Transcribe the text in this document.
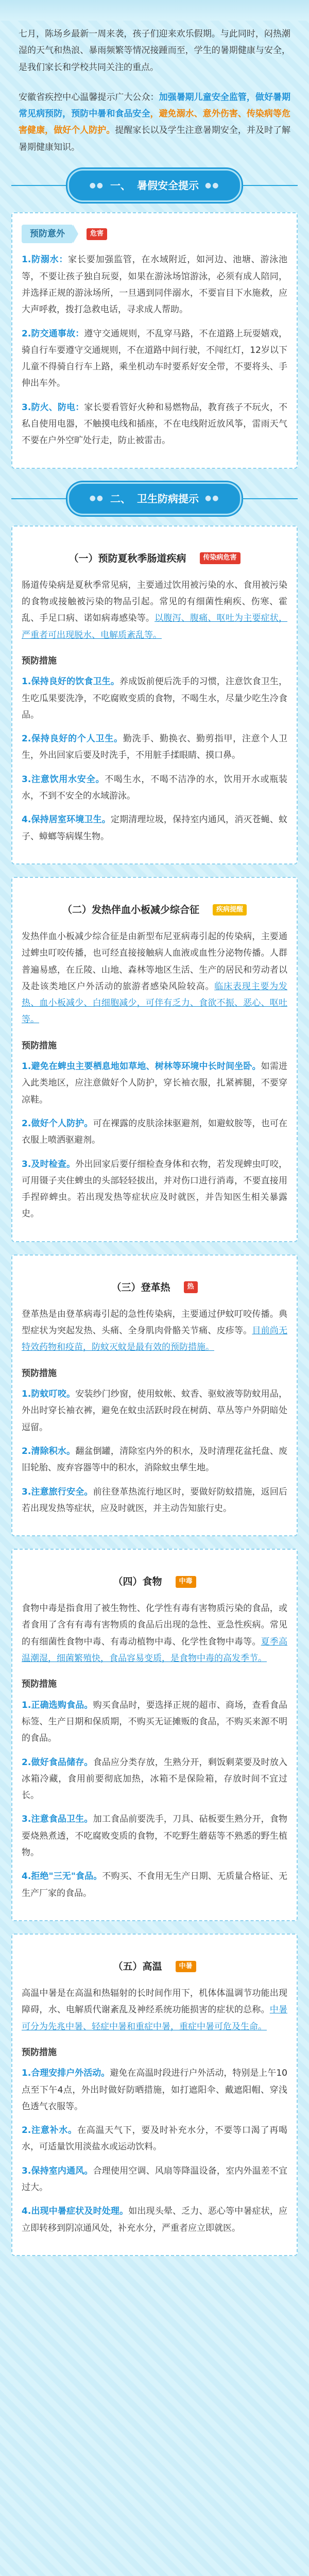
七月，陈场乡最新一周来袭，孩子们迎来欢乐假期。与此同时，闷热潮湿的天气和热浪、暴雨频繁等情况接踵而至，学生的暑期健康与安全，是我们家长和学校共同关注的重点。

安徽省疾控中心温馨提示广大公众：加强暑期儿童安全监管，做好暑期常见病预防，预防中暑和食品安全，避免溺水、意外伤害、传染病等危害健康，做好个人防护。提醒家长以及学生注意暑期安全，并及时了解暑期健康知识。

●● 一、 暑假安全提示 ●●
预防意外	危害

1.防溺水：家长要加强监管，在水域附近，如河边、池塘、游泳池等，不要让孩子独自玩耍，如果在游泳场馆游泳，必须有成人陪同，并选择正规的游泳场所，一旦遇到同伴溺水，不要盲目下水施救，应大声呼救，拨打急救电话，寻求成人帮助。

2.防交通事故：遵守交通规则，不乱穿马路，不在道路上玩耍嬉戏，骑自行车要遵守交通规则，不在道路中间行驶，不闯红灯，12岁以下儿童不得骑自行车上路，乘坐机动车时要系好安全带，不要将头、手伸出车外。

3.防火、防电：家长要看管好火种和易燃物品，教育孩子不玩火，不私自使用电器，不触摸电线和插座，不在电线附近放风筝，雷雨天气不要在户外空旷处行走，防止被雷击。

●● 二、 卫生防病提示 ●●
（一）预防夏秋季肠道疾病	传染病危害

肠道传染病是夏秋季常见病，主要通过饮用被污染的水、食用被污染的食物或接触被污染的物品引起。常见的有细菌性痢疾、伤寒、霍乱、手足口病、诺如病毒感染等。以腹泻、腹痛、呕吐为主要症状，严重者可出现脱水、电解质紊乱等。

预防措施

1.保持良好的饮食卫生。养成饭前便后洗手的习惯，注意饮食卫生，生吃瓜果要洗净，不吃腐败变质的食物，不喝生水，尽量少吃生冷食品。

2.保持良好的个人卫生。勤洗手、勤换衣、勤剪指甲，注意个人卫生，外出回家后要及时洗手，不用脏手揉眼睛、摸口鼻。

3.注意饮用水安全。不喝生水，不喝不洁净的水，饮用开水或瓶装水，不到不安全的水域游泳。

4.保持居室环境卫生。定期清理垃圾，保持室内通风，消灭苍蝇、蚊子、蟑螂等病媒生物。

（二）发热伴血小板减少综合征	疾病提醒

发热伴血小板减少综合征是由新型布尼亚病毒引起的传染病，主要通过蜱虫叮咬传播，也可经直接接触病人血液或血性分泌物传播。人群普遍易感，在丘陵、山地、森林等地区生活、生产的居民和劳动者以及赴该类地区户外活动的旅游者感染风险较高。临床表现主要为发热、血小板减少、白细胞减少，可伴有乏力、食欲不振、恶心、呕吐等。

预防措施

1.避免在蜱虫主要栖息地如草地、树林等环境中长时间坐卧。如需进入此类地区，应注意做好个人防护，穿长袖衣服，扎紧裤腿，不要穿凉鞋。

2.做好个人防护。可在裸露的皮肤涂抹驱避剂，如避蚊胺等，也可在衣服上喷洒驱避剂。

3.及时检查。外出回家后要仔细检查身体和衣物，若发现蜱虫叮咬，可用镊子夹住蜱虫的头部轻轻拔出，并对伤口进行消毒，不要直接用手捏碎蜱虫。若出现发热等症状应及时就医，并告知医生相关暴露史。

（三）登革热	热

登革热是由登革病毒引起的急性传染病，主要通过伊蚊叮咬传播。典型症状为突起发热、头痛、全身肌肉骨骼关节痛、皮疹等。目前尚无特效药物和疫苗，防蚊灭蚊是最有效的预防措施。

预防措施

1.防蚊叮咬。安装纱门纱窗，使用蚊帐、蚊香、驱蚊液等防蚊用品，外出时穿长袖衣裤，避免在蚊虫活跃时段在树荫、草丛等户外阴暗处逗留。

2.清除积水。翻盆倒罐，清除室内外的积水，及时清理花盆托盘、废旧轮胎、废弃容器等中的积水，消除蚊虫孳生地。

3.注意旅行安全。前往登革热流行地区时，要做好防蚊措施，返回后若出现发热等症状，应及时就医，并主动告知旅行史。

（四）食物	中毒

食物中毒是指食用了被生物性、化学性有毒有害物质污染的食品，或者食用了含有有毒有害物质的食品后出现的急性、亚急性疾病。常见的有细菌性食物中毒、有毒动植物中毒、化学性食物中毒等。夏季高温潮湿，细菌繁殖快，食品容易变质，是食物中毒的高发季节。

预防措施

1.正确选购食品。购买食品时，要选择正规的超市、商场，查看食品标签、生产日期和保质期，不购买无证摊贩的食品，不购买来源不明的食品。

2.做好食品储存。食品应分类存放，生熟分开，剩饭剩菜要及时放入冰箱冷藏，食用前要彻底加热，冰箱不是保险箱，存放时间不宜过长。

3.注意食品卫生。加工食品前要洗手，刀具、砧板要生熟分开，食物要烧熟煮透，不吃腐败变质的食物，不吃野生蘑菇等不熟悉的野生植物。

4.拒绝"三无"食品。不购买、不食用无生产日期、无质量合格证、无生产厂家的食品。

（五）高温	中暑

高温中暑是在高温和热辐射的长时间作用下，机体体温调节功能出现障碍，水、电解质代谢紊乱及神经系统功能损害的症状的总称。中暑可分为先兆中暑、轻症中暑和重症中暑，重症中暑可危及生命。

预防措施

1.合理安排户外活动。避免在高温时段进行户外活动，特别是上午10点至下午4点，外出时做好防晒措施，如打遮阳伞、戴遮阳帽、穿浅色透气衣服等。

2.注意补水。在高温天气下，要及时补充水分，不要等口渴了再喝水，可适量饮用淡盐水或运动饮料。

3.保持室内通风。合理使用空调、风扇等降温设备，室内外温差不宜过大。

4.出现中暑症状及时处理。如出现头晕、乏力、恶心等中暑症状，应立即转移到阴凉通风处，补充水分，严重者应立即就医。
